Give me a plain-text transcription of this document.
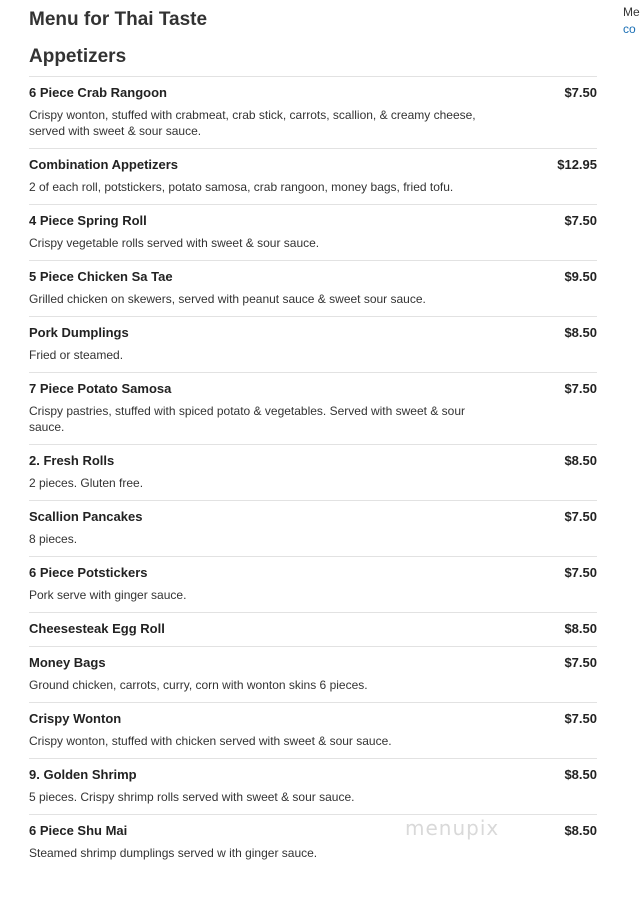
Menu for Thai Taste	Me
co
Appetizers
6 Piece Crab Rangoon	$7.50
Crispy wonton, stuffed with crabmeat, crab stick, carrots, scallion, & creamy cheese, served with sweet & sour sauce.
Combination Appetizers	$12.95
2 of each roll, potstickers, potato samosa, crab rangoon, money bags, fried tofu.
4 Piece Spring Roll	$7.50
Crispy vegetable rolls served with sweet & sour sauce.
5 Piece Chicken Sa Tae	$9.50
Grilled chicken on skewers, served with peanut sauce & sweet sour sauce.
Pork Dumplings	$8.50
Fried or steamed.
7 Piece Potato Samosa	$7.50
Crispy pastries, stuffed with spiced potato & vegetables. Served with sweet & sour sauce.
2. Fresh Rolls	$8.50
2 pieces. Gluten free.
Scallion Pancakes	$7.50
8 pieces.
6 Piece Potstickers	$7.50
Pork serve with ginger sauce.
Cheesesteak Egg Roll	$8.50
Money Bags	$7.50
Ground chicken, carrots, curry, corn with wonton skins 6 pieces.
Crispy Wonton	$7.50
Crispy wonton, stuffed with chicken served with sweet & sour sauce.
9. Golden Shrimp	$8.50
5 pieces. Crispy shrimp rolls served with sweet & sour sauce.
6 Piece Shu Mai	$8.50
Steamed shrimp dumplings served w ith ginger sauce.
menupix
